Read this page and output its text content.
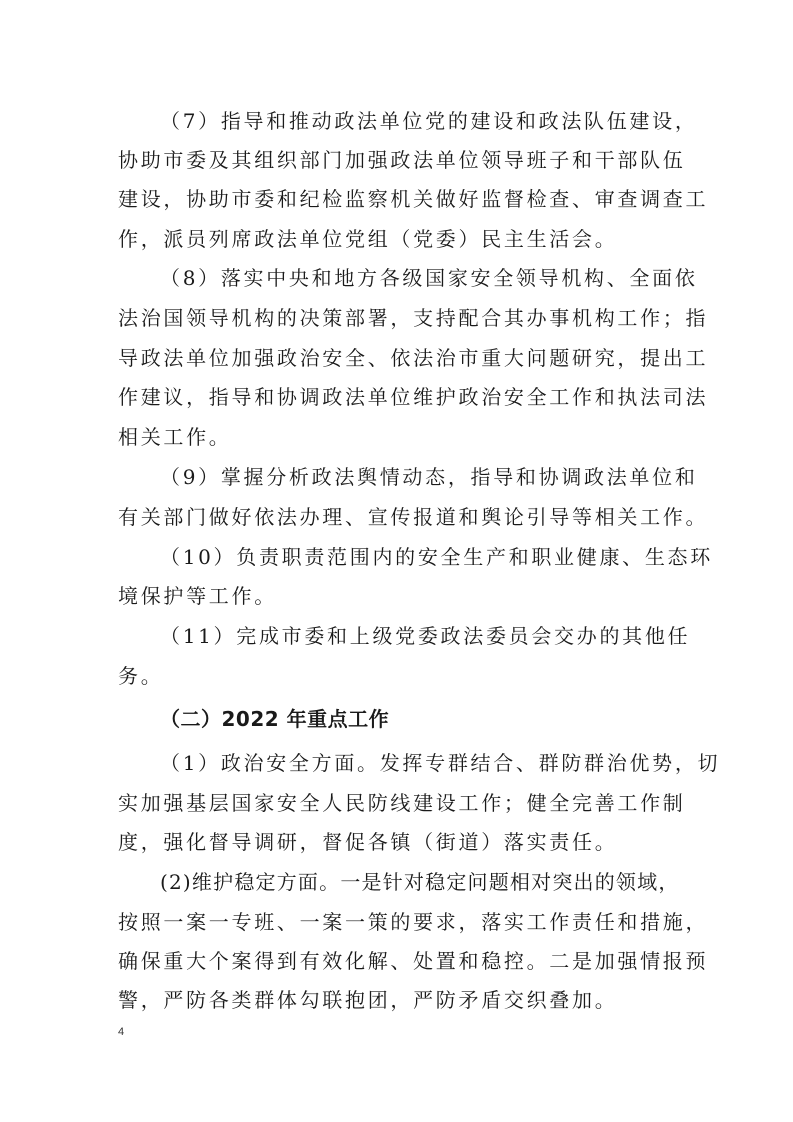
（7）指导和推动政法单位党的建设和政法队伍建设，
协助市委及其组织部门加强政法单位领导班子和干部队伍
建设，协助市委和纪检监察机关做好监督检查、审查调查工
作，派员列席政法单位党组（党委）民主生活会。
（8）落实中央和地方各级国家安全领导机构、全面依
法治国领导机构的决策部署，支持配合其办事机构工作；指
导政法单位加强政治安全、依法治市重大问题研究，提出工
作建议，指导和协调政法单位维护政治安全工作和执法司法
相关工作。
（9）掌握分析政法舆情动态，指导和协调政法单位和
有关部门做好依法办理、宣传报道和舆论引导等相关工作。
（10）负责职责范围内的安全生产和职业健康、生态环
境保护等工作。
（11）完成市委和上级党委政法委员会交办的其他任
务。
（二）2022 年重点工作
（1）政治安全方面。发挥专群结合、群防群治优势，切
实加强基层国家安全人民防线建设工作；健全完善工作制
度，强化督导调研，督促各镇（街道）落实责任。
(2)维护稳定方面。一是针对稳定问题相对突出的领域，
按照一案一专班、一案一策的要求，落实工作责任和措施，
确保重大个案得到有效化解、处置和稳控。二是加强情报预
警，严防各类群体勾联抱团，严防矛盾交织叠加。
4
